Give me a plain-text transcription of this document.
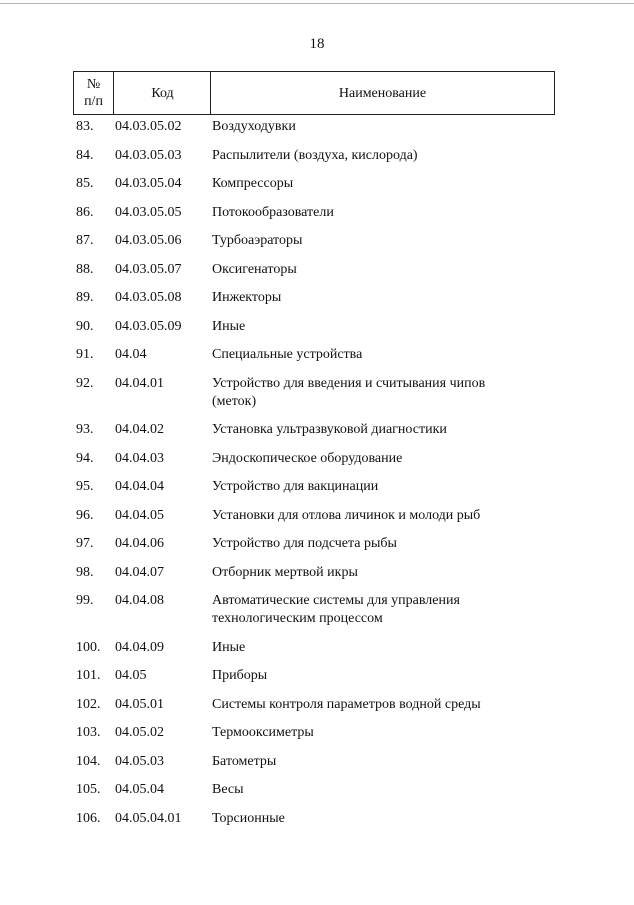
18
№
п/п
Код	Наименование
83. 04.03.05.02 Воздуходувки
84. 04.03.05.03 Распылители (воздуха, кислорода)
85. 04.03.05.04 Компрессоры
86. 04.03.05.05 Потокообразователи
87. 04.03.05.06 Турбоаэраторы
88. 04.03.05.07 Оксигенаторы
89. 04.03.05.08 Инжекторы
90. 04.03.05.09 Иные
91. 04.04	Специальные устройства
92. 04.04.01	Устройство для введения и считывания чипов (меток)
93. 04.04.02	Установка ультразвуковой диагностики
94. 04.04.03	Эндоскопическое оборудование
95. 04.04.04	Устройство для вакцинации
96. 04.04.05	Установки для отлова личинок и молоди рыб
97. 04.04.06	Устройство для подсчета рыбы
98. 04.04.07	Отборник мертвой икры
99. 04.04.08	Автоматические системы для управления технологическим процессом
100. 04.04.09	Иные
101. 04.05	Приборы
102. 04.05.01	Системы контроля параметров водной среды
103. 04.05.02	Термооксиметры
104. 04.05.03	Батометры
105. 04.05.04	Весы
106. 04.05.04.01 Торсионные
